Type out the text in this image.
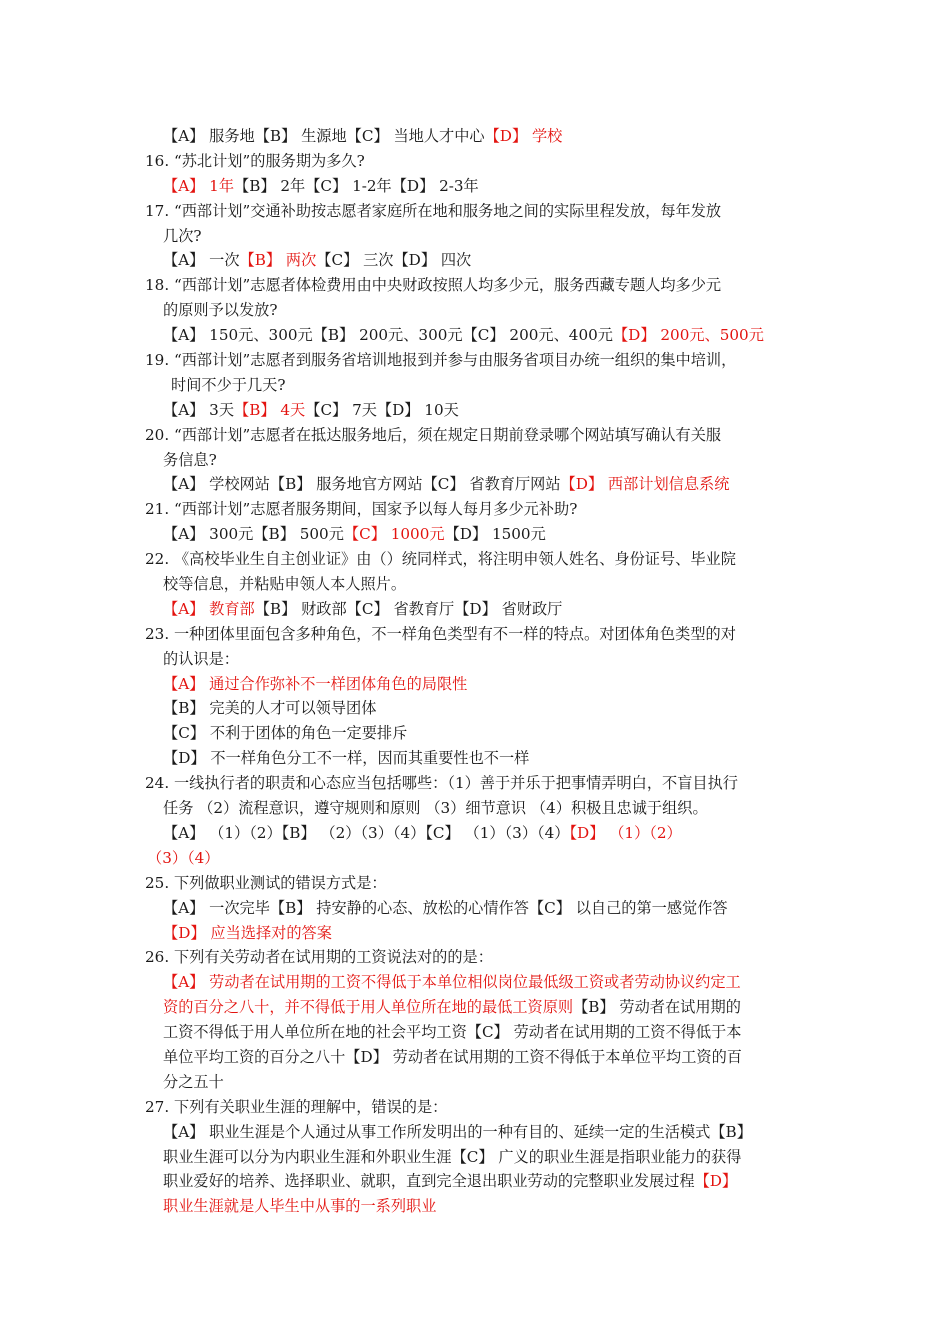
【A】 服务地【B】 生源地【C】 当地人才中心【D】 学校
16. “苏北计划”的服务期为多久?
【A】 1年【B】 2年【C】 1-2年【D】 2-3年
17. “西部计划”交通补助按志愿者家庭所在地和服务地之间的实际里程发放，每年发放
几次?
【A】 一次【B】 两次【C】 三次【D】 四次
18. “西部计划”志愿者体检费用由中央财政按照人均多少元，服务西藏专题人均多少元
的原则予以发放?
【A】 150元、300元【B】 200元、300元【C】 200元、400元【D】 200元、500元
19. “西部计划”志愿者到服务省培训地报到并参与由服务省项目办统一组织的集中培训，
时间不少于几天?
【A】 3天【B】 4天【C】 7天【D】 10天
20. “西部计划”志愿者在抵达服务地后，须在规定日期前登录哪个网站填写确认有关服
务信息?
【A】 学校网站【B】 服务地官方网站【C】 省教育厅网站【D】 西部计划信息系统
21. “西部计划”志愿者服务期间，国家予以每人每月多少元补助?
【A】 300元【B】 500元【C】 1000元【D】 1500元
22. 《高校毕业生自主创业证》由（）统同样式，将注明申领人姓名、身份证号、毕业院
校等信息，并粘贴申领人本人照片。
【A】 教育部【B】 财政部【C】 省教育厅【D】 省财政厅
23. 一种团体里面包含多种角色，不一样角色类型有不一样的特点。对团体角色类型的对
的认识是：
【A】 通过合作弥补不一样团体角色的局限性
【B】 完美的人才可以领导团体
【C】 不利于团体的角色一定要排斥
【D】 不一样角色分工不一样，因而其重要性也不一样
24. 一线执行者的职责和心态应当包括哪些：（1）善于并乐于把事情弄明白，不盲目执行
任务 （2）流程意识，遵守规则和原则 （3）细节意识 （4）积极且忠诚于组织。
【A】 （1）（2）【B】 （2）（3）（4）【C】 （1）（3）（4）【D】 （1）（2）
（3）（4）
25. 下列做职业测试的错误方式是：
【A】 一次完毕【B】 持安静的心态、放松的心情作答【C】 以自己的第一感觉作答
【D】 应当选择对的答案
26. 下列有关劳动者在试用期的工资说法对的的是：
【A】 劳动者在试用期的工资不得低于本单位相似岗位最低级工资或者劳动协议约定工
资的百分之八十，并不得低于用人单位所在地的最低工资原则【B】 劳动者在试用期的
工资不得低于用人单位所在地的社会平均工资【C】 劳动者在试用期的工资不得低于本
单位平均工资的百分之八十【D】 劳动者在试用期的工资不得低于本单位平均工资的百
分之五十
27. 下列有关职业生涯的理解中，错误的是：
【A】 职业生涯是个人通过从事工作所发明出的一种有目的、延续一定的生活模式【B】
职业生涯可以分为内职业生涯和外职业生涯【C】 广义的职业生涯是指职业能力的获得
职业爱好的培养、选择职业、就职，直到完全退出职业劳动的完整职业发展过程【D】
职业生涯就是人毕生中从事的一系列职业
